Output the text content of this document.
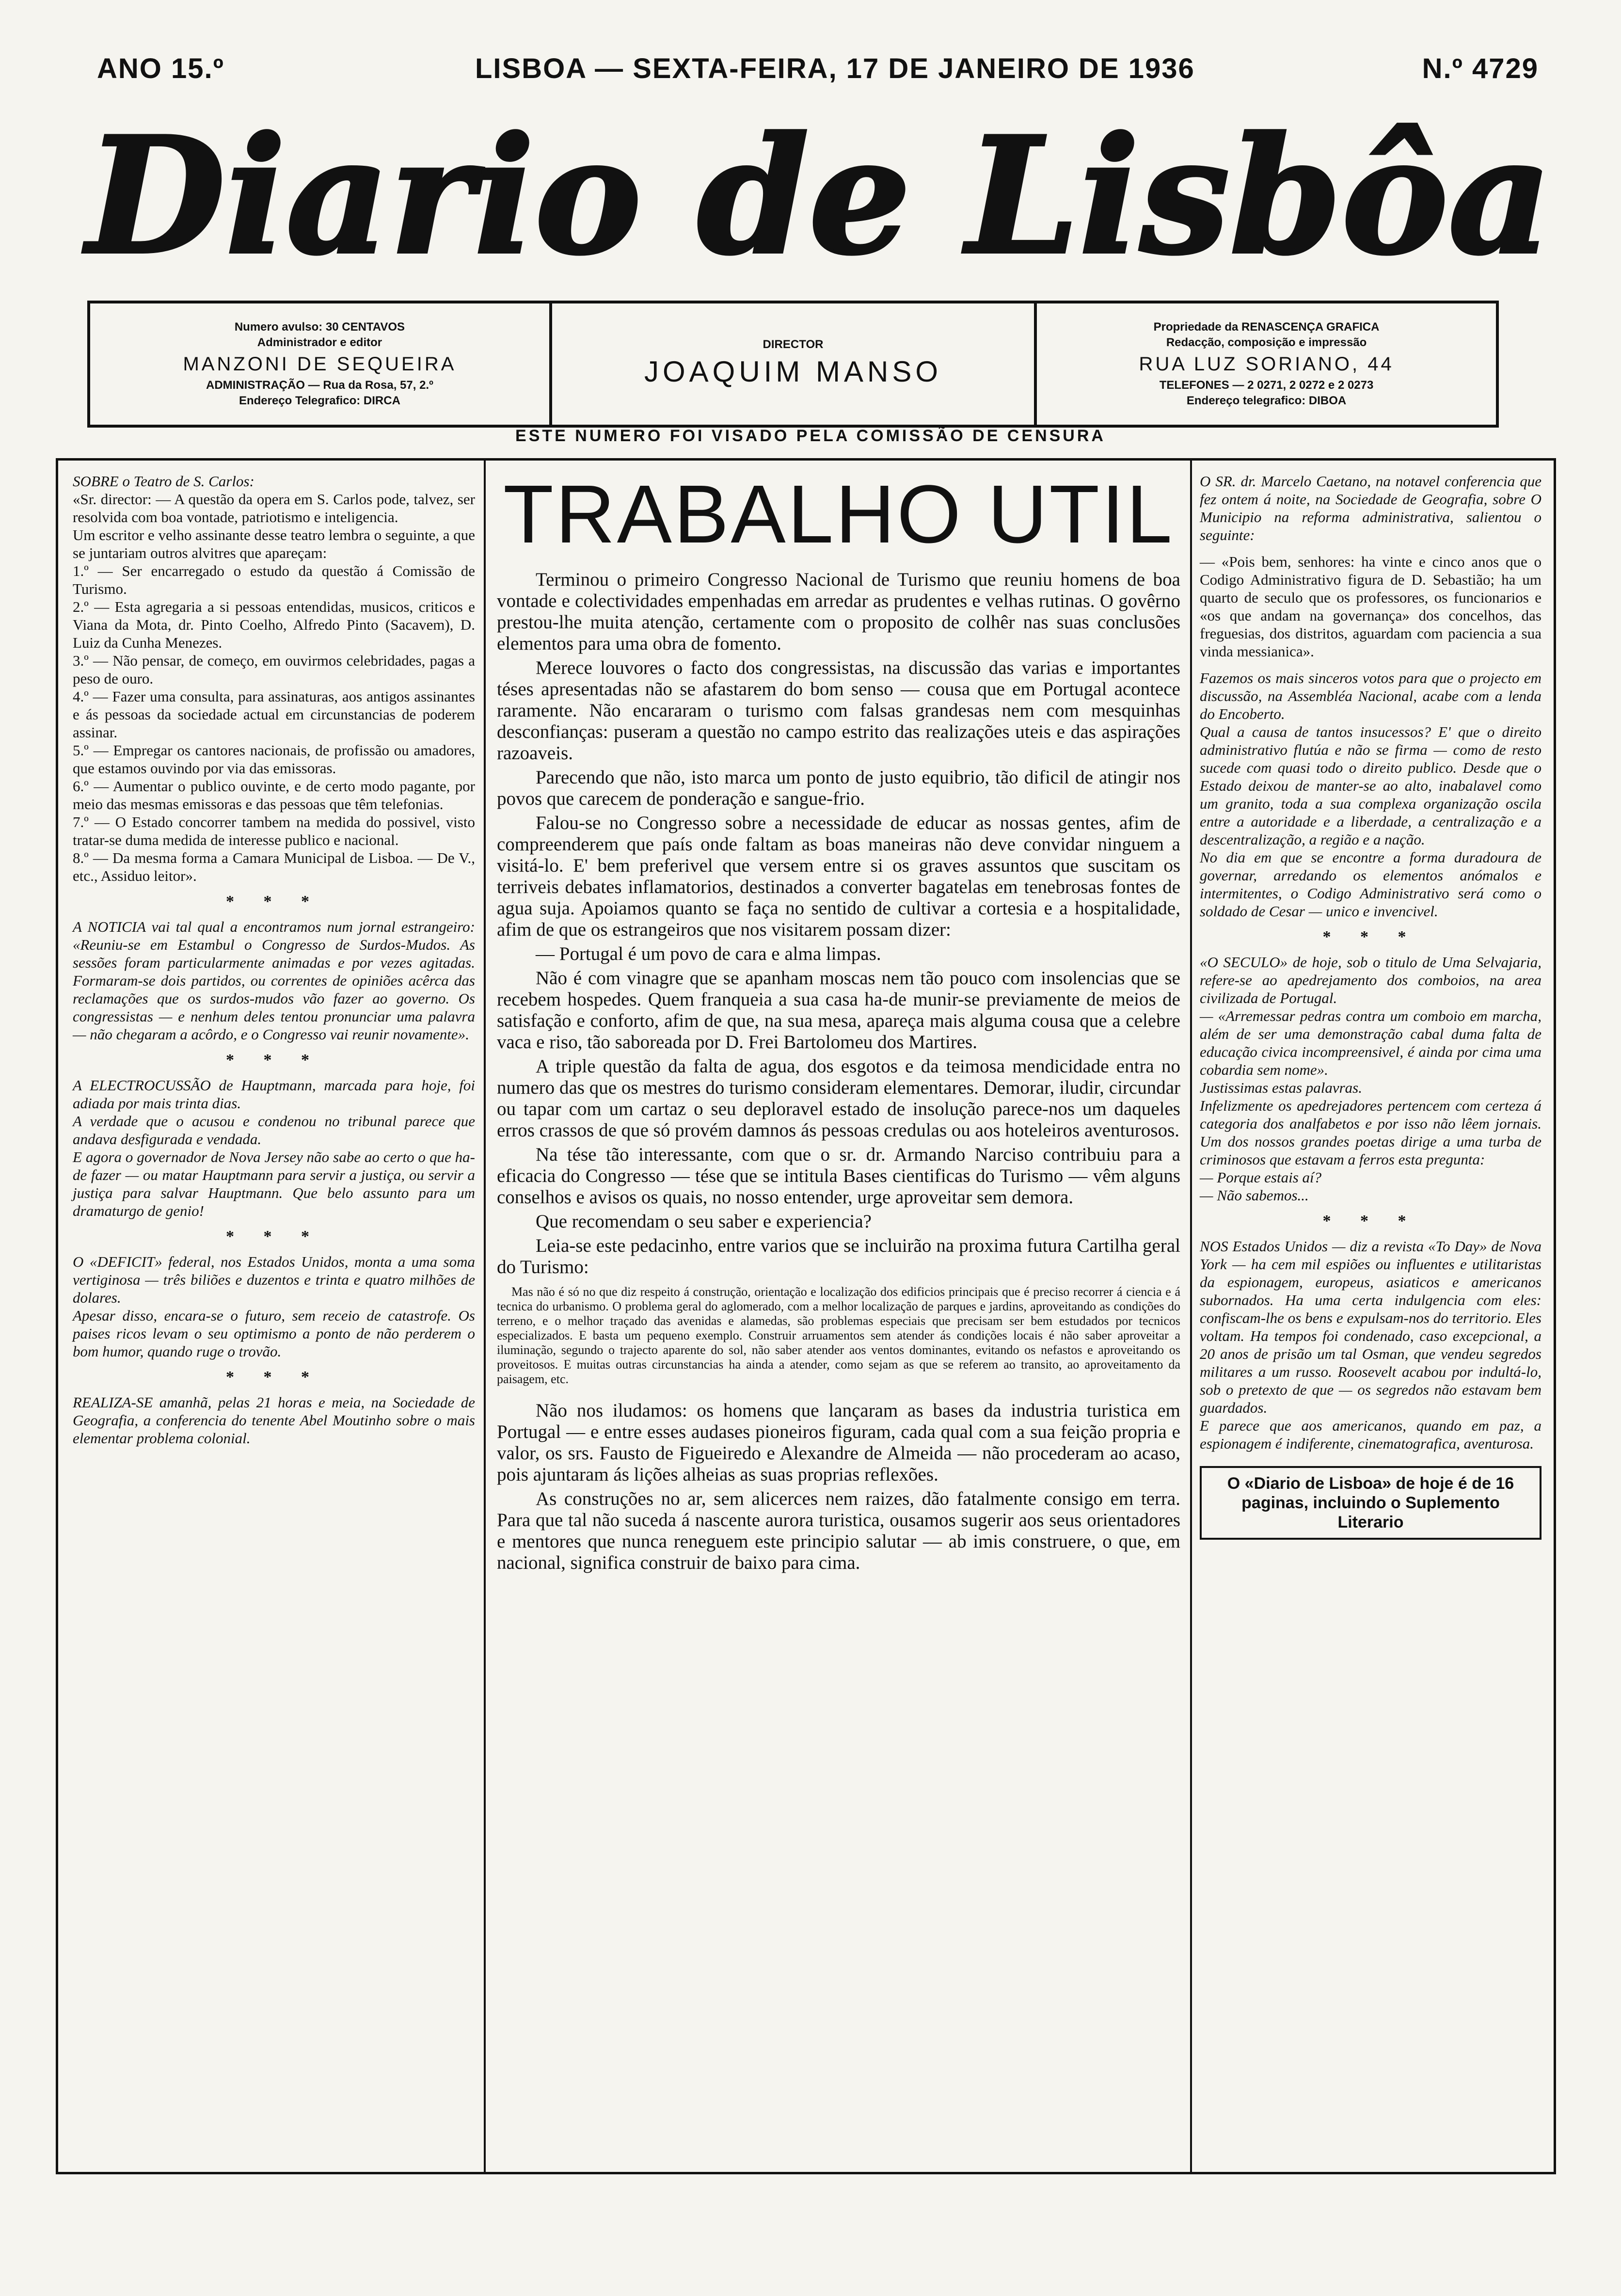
ANO 15.º	LISBOA — SEXTA-FEIRA, 17 DE JANEIRO DE 1936	N.º 4729
Diario de Lisbôa
Numero avulso: 30 CENTAVOS
Administrador e editor
MANZONI DE SEQUEIRA
ADMINISTRAÇÃO — Rua da Rosa, 57, 2.º
Endereço Telegrafico: DIRCA
DIRECTOR
JOAQUIM MANSO
Propriedade da RENASCENÇA GRAFICA
Redacção, composição e impressão
RUA LUZ SORIANO, 44
TELEFONES — 2 0271, 2 0272 e 2 0273
Endereço telegrafico: DIBOA
ESTE NUMERO FOI VISADO PELA COMISSÃO DE CENSURA

SOBRE o Teatro de S. Carlos:

«Sr. director: — A questão da opera em S. Carlos pode, talvez, ser resolvida com boa vontade, patriotismo e inteligencia.

Um escritor e velho assinante desse teatro lembra o seguinte, a que se juntariam outros alvitres que apareçam:

1.º — Ser encarregado o estudo da questão á Comissão de Turismo.

2.º — Esta agregaria a si pessoas entendidas, musicos, criticos e Viana da Mota, dr. Pinto Coelho, Alfredo Pinto (Sacavem), D. Luiz da Cunha Menezes.

3.º — Não pensar, de começo, em ouvirmos celebridades, pagas a peso de ouro.

4.º — Fazer uma consulta, para assinaturas, aos antigos assinantes e ás pessoas da sociedade actual em circunstancias de poderem assinar.

5.º — Empregar os cantores nacionais, de profissão ou amadores, que estamos ouvindo por via das emissoras.

6.º — Aumentar o publico ouvinte, e de certo modo pagante, por meio das mesmas emissoras e das pessoas que têm telefonias.

7.º — O Estado concorrer tambem na medida do possivel, visto tratar-se duma medida de interesse publico e nacional.

8.º — Da mesma forma a Camara Municipal de Lisboa. — De V., etc., Assiduo leitor».

* * *

A NOTICIA vai tal qual a encontramos num jornal estrangeiro: «Reuniu-se em Estambul o Congresso de Surdos-Mudos. As sessões foram particularmente animadas e por vezes agitadas. Formaram-se dois partidos, ou correntes de opiniões acêrca das reclamações que os surdos-mudos vão fazer ao governo. Os congressistas — e nenhum deles tentou pronunciar uma palavra — não chegaram a acôrdo, e o Congresso vai reunir novamente».

* * *

A ELECTROCUSSÃO de Hauptmann, marcada para hoje, foi adiada por mais trinta dias.

A verdade que o acusou e condenou no tribunal parece que andava desfigurada e vendada.

E agora o governador de Nova Jersey não sabe ao certo o que ha-de fazer — ou matar Hauptmann para servir a justiça, ou servir a justiça para salvar Hauptmann. Que belo assunto para um dramaturgo de genio!

* * *

O «DEFICIT» federal, nos Estados Unidos, monta a uma soma vertiginosa — três biliões e duzentos e trinta e quatro milhões de dolares.

Apesar disso, encara-se o futuro, sem receio de catastrofe. Os paises ricos levam o seu optimismo a ponto de não perderem o bom humor, quando ruge o trovão.

* * *

REALIZA-SE amanhã, pelas 21 horas e meia, na Sociedade de Geografia, a conferencia do tenente Abel Moutinho sobre o mais elementar problema colonial.

TRABALHO UTIL

Terminou o primeiro Congresso Nacional de Turismo que reuniu homens de boa vontade e colectividades empenhadas em arredar as prudentes e velhas rutinas. O govêrno prestou-lhe muita atenção, certamente com o proposito de colhêr nas suas conclusões elementos para uma obra de fomento.

Merece louvores o facto dos congressistas, na discussão das varias e importantes téses apresentadas não se afastarem do bom senso — cousa que em Portugal acontece raramente. Não encararam o turismo com falsas grandesas nem com mesquinhas desconfianças: puseram a questão no campo estrito das realizações uteis e das aspirações razoaveis.

Parecendo que não, isto marca um ponto de justo equibrio, tão dificil de atingir nos povos que carecem de ponderação e sangue-frio.

Falou-se no Congresso sobre a necessidade de educar as nossas gentes, afim de compreenderem que país onde faltam as boas maneiras não deve convidar ninguem a visitá-lo. E' bem preferivel que versem entre si os graves assuntos que suscitam os terriveis debates inflamatorios, destinados a converter bagatelas em tenebrosas fontes de agua suja. Apoiamos quanto se faça no sentido de cultivar a cortesia e a hospitalidade, afim de que os estrangeiros que nos visitarem possam dizer:

— Portugal é um povo de cara e alma limpas.

Não é com vinagre que se apanham moscas nem tão pouco com insolencias que se recebem hospedes. Quem franqueia a sua casa ha-de munir-se previamente de meios de satisfação e conforto, afim de que, na sua mesa, apareça mais alguma cousa que a celebre vaca e riso, tão saboreada por D. Frei Bartolomeu dos Martires.

A triple questão da falta de agua, dos esgotos e da teimosa mendicidade entra no numero das que os mestres do turismo consideram elementares. Demorar, iludir, circundar ou tapar com um cartaz o seu deploravel estado de insolução parece-nos um daqueles erros crassos de que só provém damnos ás pessoas credulas ou aos hoteleiros aventurosos.

Na tése tão interessante, com que o sr. dr. Armando Narciso contribuiu para a eficacia do Congresso — tése que se intitula Bases cientificas do Turismo — vêm alguns conselhos e avisos os quais, no nosso entender, urge aproveitar sem demora.

Que recomendam o seu saber e experiencia?

Leia-se este pedacinho, entre varios que se incluirão na proxima futura Cartilha geral do Turismo:

Mas não é só no que diz respeito á construção, orientação e localização dos edificios principais que é preciso recorrer á ciencia e á tecnica do urbanismo. O problema geral do aglomerado, com a melhor localização de parques e jardins, aproveitando as condições do terreno, e o melhor traçado das avenidas e alamedas, são problemas especiais que precisam ser bem estudados por tecnicos especializados. E basta um pequeno exemplo. Construir arruamentos sem atender ás condições locais é não saber aproveitar a iluminação, segundo o trajecto aparente do sol, não saber atender aos ventos dominantes, evitando os nefastos e aproveitando os proveitosos. E muitas outras circunstancias ha ainda a atender, como sejam as que se referem ao transito, ao aproveitamento da paisagem, etc.

Não nos iludamos: os homens que lançaram as bases da industria turistica em Portugal — e entre esses audases pioneiros figuram, cada qual com a sua feição propria e valor, os srs. Fausto de Figueiredo e Alexandre de Almeida — não procederam ao acaso, pois ajuntaram ás lições alheias as suas proprias reflexões.

As construções no ar, sem alicerces nem raizes, dão fatalmente consigo em terra. Para que tal não suceda á nascente aurora turistica, ousamos sugerir aos seus orientadores e mentores que nunca reneguem este principio salutar — ab imis construere, o que, em nacional, significa construir de baixo para cima.

O SR. dr. Marcelo Caetano, na notavel conferencia que fez ontem á noite, na Sociedade de Geografia, sobre O Municipio na reforma administrativa, salientou o seguinte:

— «Pois bem, senhores: ha vinte e cinco anos que o Codigo Administrativo figura de D. Sebastião; ha um quarto de seculo que os professores, os funcionarios e «os que andam na governança» dos concelhos, das freguesias, dos distritos, aguardam com paciencia a sua vinda messianica».

Fazemos os mais sinceros votos para que o projecto em discussão, na Assembléa Nacional, acabe com a lenda do Encoberto.

Qual a causa de tantos insucessos? E' que o direito administrativo flutúa e não se firma — como de resto sucede com quasi todo o direito publico. Desde que o Estado deixou de manter-se ao alto, inabalavel como um granito, toda a sua complexa organização oscila entre a autoridade e a liberdade, a centralização e a descentralização, a região e a nação.

No dia em que se encontre a forma duradoura de governar, arredando os elementos anómalos e intermitentes, o Codigo Administrativo será como o soldado de Cesar — unico e invencivel.

* * *

«O SECULO» de hoje, sob o titulo de Uma Selvajaria, refere-se ao apedrejamento dos comboios, na area civilizada de Portugal.

— «Arremessar pedras contra um comboio em marcha, além de ser uma demonstração cabal duma falta de educação civica incompreensivel, é ainda por cima uma cobardia sem nome».

Justissimas estas palavras.

Infelizmente os apedrejadores pertencem com certeza á categoria dos analfabetos e por isso não lêem jornais. Um dos nossos grandes poetas dirige a uma turba de criminosos que estavam a ferros esta pregunta:

— Porque estais aí?

— Não sabemos...

* * *

NOS Estados Unidos — diz a revista «To Day» de Nova York — ha cem mil espiões ou influentes e utilitaristas da espionagem, europeus, asiaticos e americanos subornados. Ha uma certa indulgencia com eles: confiscam-lhe os bens e expulsam-nos do territorio. Eles voltam. Ha tempos foi condenado, caso excepcional, a 20 anos de prisão um tal Osman, que vendeu segredos militares a um russo. Roosevelt acabou por indultá-lo, sob o pretexto de que — os segredos não estavam bem guardados.

E parece que aos americanos, quando em paz, a espionagem é indiferente, cinematografica, aventurosa.

O «Diario de Lisboa» de hoje é de 16 paginas, incluindo o Suplemento Literario
